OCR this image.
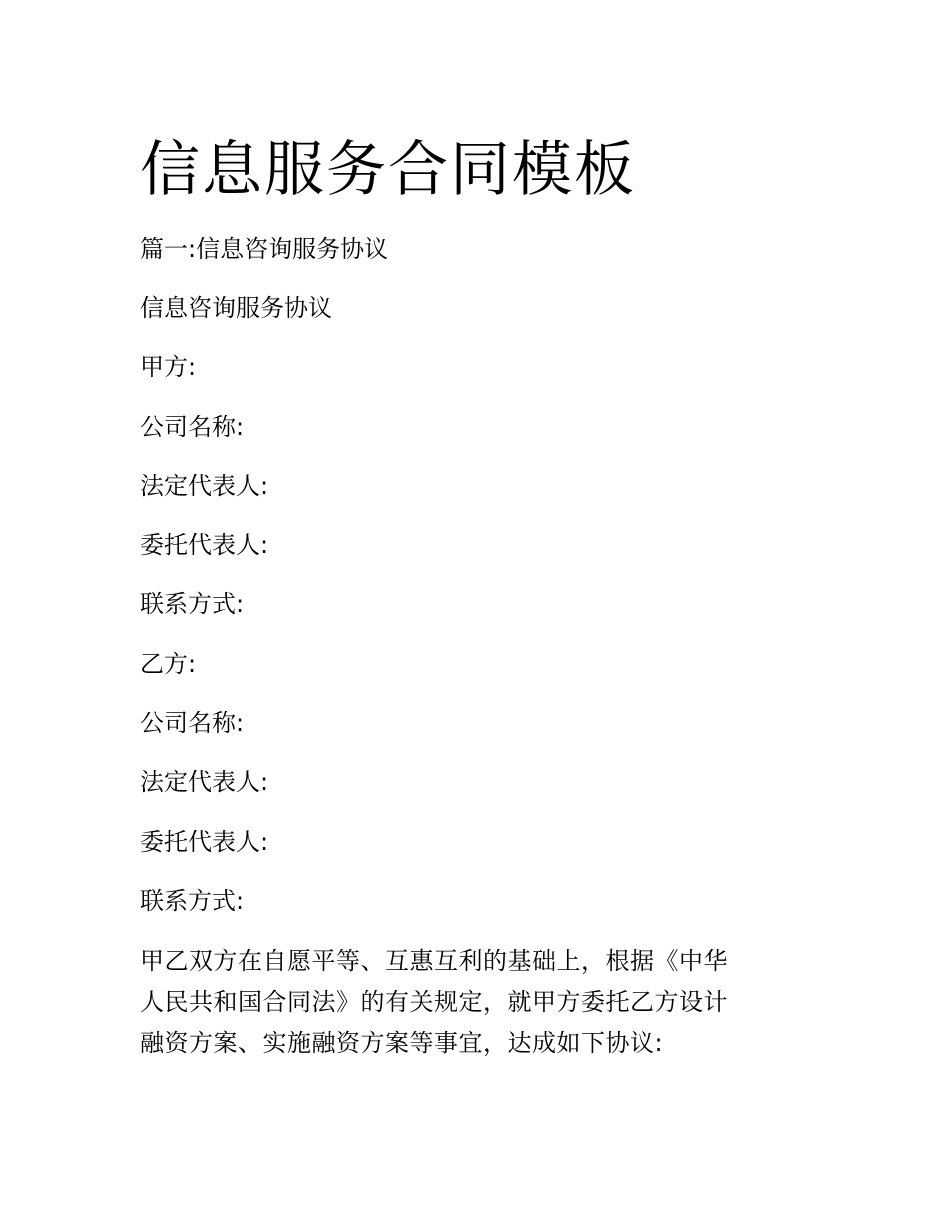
信息服务合同模板

篇一:信息咨询服务协议

信息咨询服务协议

甲方:

公司名称:

法定代表人:

委托代表人:

联系方式:

乙方:

公司名称:

法定代表人:

委托代表人:

联系方式:

甲乙双方在自愿平等、互惠互利的基础上，根据《中华
人民共和国合同法》的有关规定，就甲方委托乙方设计
融资方案、实施融资方案等事宜，达成如下协议:
